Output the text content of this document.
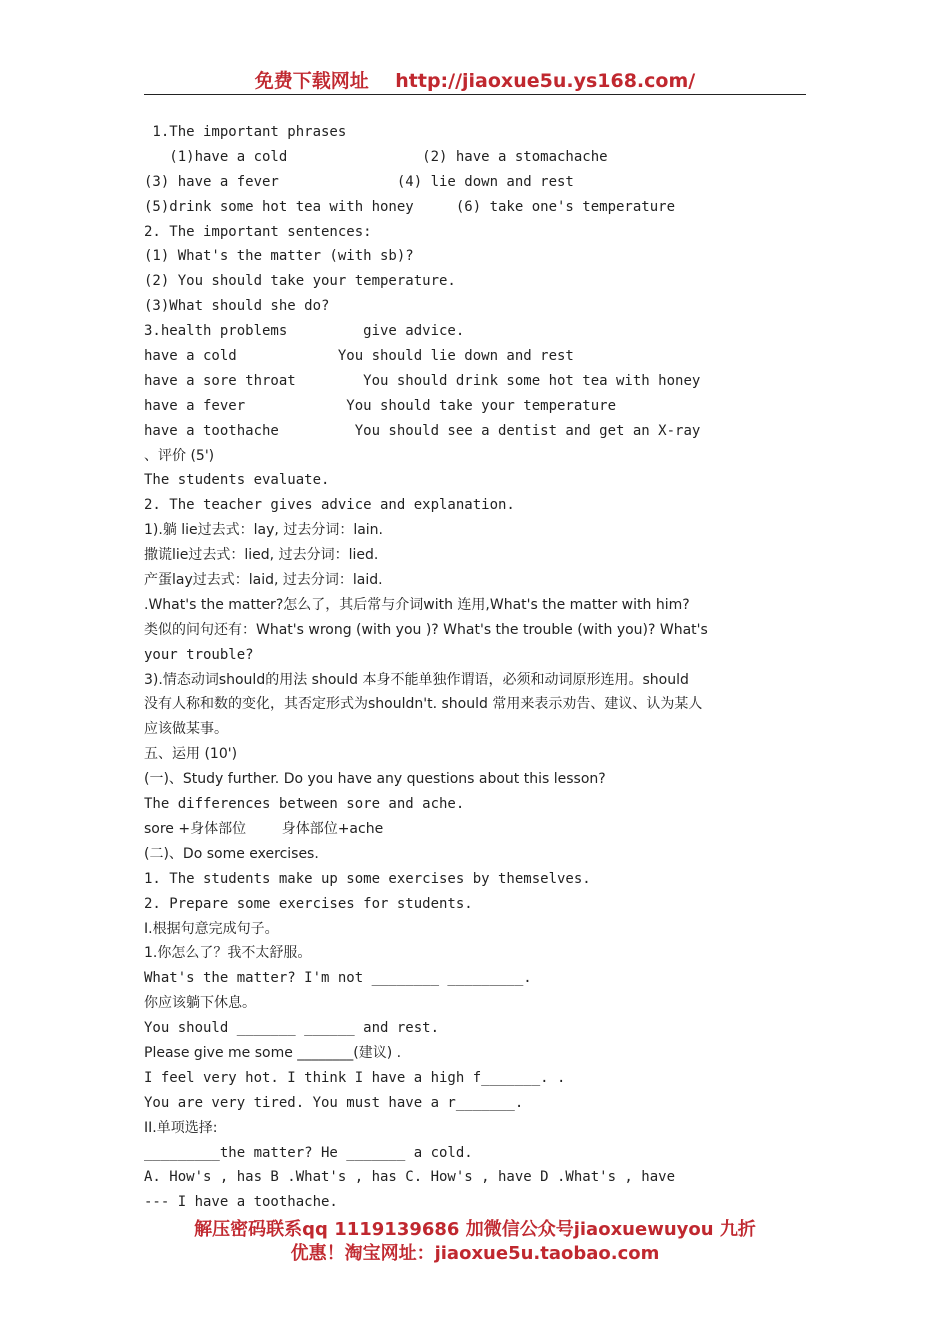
免费下载网址 http://jiaoxue5u.ys168.com/
1.The important phrases
(1)have a cold                (2) have a stomachache
(3) have a fever              (4) lie down and rest
(5)drink some hot tea with honey     (6) take one's temperature
2. The important sentences:
(1) What's the matter (with sb)?
(2) You should take your temperature.
(3)What should she do?
3.health problems         give advice.
have a cold            You should lie down and rest
have a sore throat        You should drink some hot tea with honey
have a fever            You should take your temperature
have a toothache         You should see a dentist and get an X-ray
、评价 (5')
The students evaluate.
2. The teacher gives advice and explanation.
1).躺 lie过去式：lay, 过去分词：lain.
撒谎lie过去式：lied, 过去分词：lied.
产蛋lay过去式：laid, 过去分词：laid.
.What's the matter?怎么了，其后常与介词with 连用,What's the matter with him?
类似的问句还有：What's wrong (with you )? What's the trouble (with you)? What's
your trouble?
3).情态动词should的用法 should 本身不能单独作谓语，必须和动词原形连用。should
没有人称和数的变化，其否定形式为shouldn't. should 常用来表示劝告、建议、认为某人
应该做某事。
五、运用 (10')
(一)、Study further. Do you have any questions about this lesson?
The differences between sore and ache.
sore +身体部位        身体部位+ache
(二)、Do some exercises.
1. The students make up some exercises by themselves.
2. Prepare some exercises for students.
I.根据句意完成句子。
1.你怎么了？我不太舒服。
What's the matter? I'm not ________ _________.
你应该躺下休息。
You should _______ ______ and rest.
Please give me some ________(建议) .
I feel very hot. I think I have a high f_______. .
You are very tired. You must have a r_______.
II.单项选择:
_________the matter? He _______ a cold.
A. How's , has B .What's , has C. How's , have D .What's , have
--- I have a toothache.
解压密码联系qq 1119139686 加微信公众号jiaoxuewuyou 九折
优惠！淘宝网址：jiaoxue5u.taobao.com
